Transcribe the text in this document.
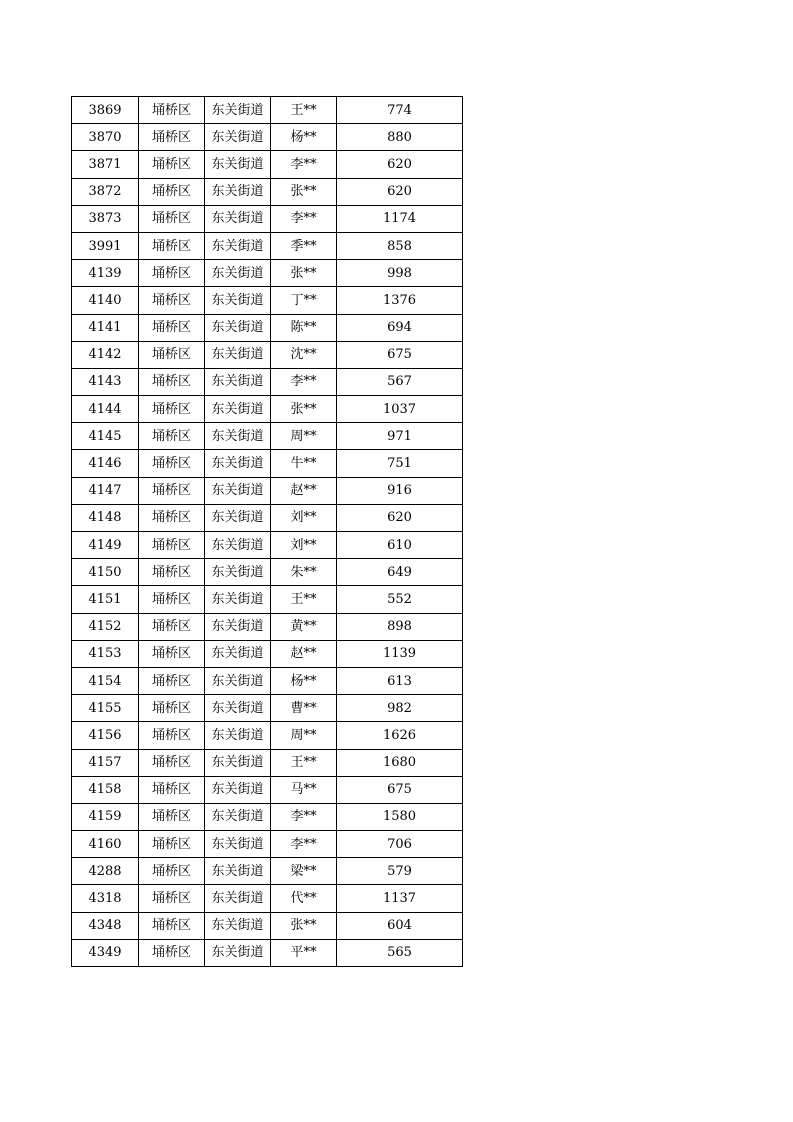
3869	埇桥区	东关街道	王**	774
3870	埇桥区	东关街道	杨**	880
3871	埇桥区	东关街道	李**	620
3872	埇桥区	东关街道	张**	620
3873	埇桥区	东关街道	李**	1174
3991	埇桥区	东关街道	季**	858
4139	埇桥区	东关街道	张**	998
4140	埇桥区	东关街道	丁**	1376
4141	埇桥区	东关街道	陈**	694
4142	埇桥区	东关街道	沈**	675
4143	埇桥区	东关街道	李**	567
4144	埇桥区	东关街道	张**	1037
4145	埇桥区	东关街道	周**	971
4146	埇桥区	东关街道	牛**	751
4147	埇桥区	东关街道	赵**	916
4148	埇桥区	东关街道	刘**	620
4149	埇桥区	东关街道	刘**	610
4150	埇桥区	东关街道	朱**	649
4151	埇桥区	东关街道	王**	552
4152	埇桥区	东关街道	黄**	898
4153	埇桥区	东关街道	赵**	1139
4154	埇桥区	东关街道	杨**	613
4155	埇桥区	东关街道	曹**	982
4156	埇桥区	东关街道	周**	1626
4157	埇桥区	东关街道	王**	1680
4158	埇桥区	东关街道	马**	675
4159	埇桥区	东关街道	李**	1580
4160	埇桥区	东关街道	李**	706
4288	埇桥区	东关街道	梁**	579
4318	埇桥区	东关街道	代**	1137
4348	埇桥区	东关街道	张**	604
4349	埇桥区	东关街道	平**	565
